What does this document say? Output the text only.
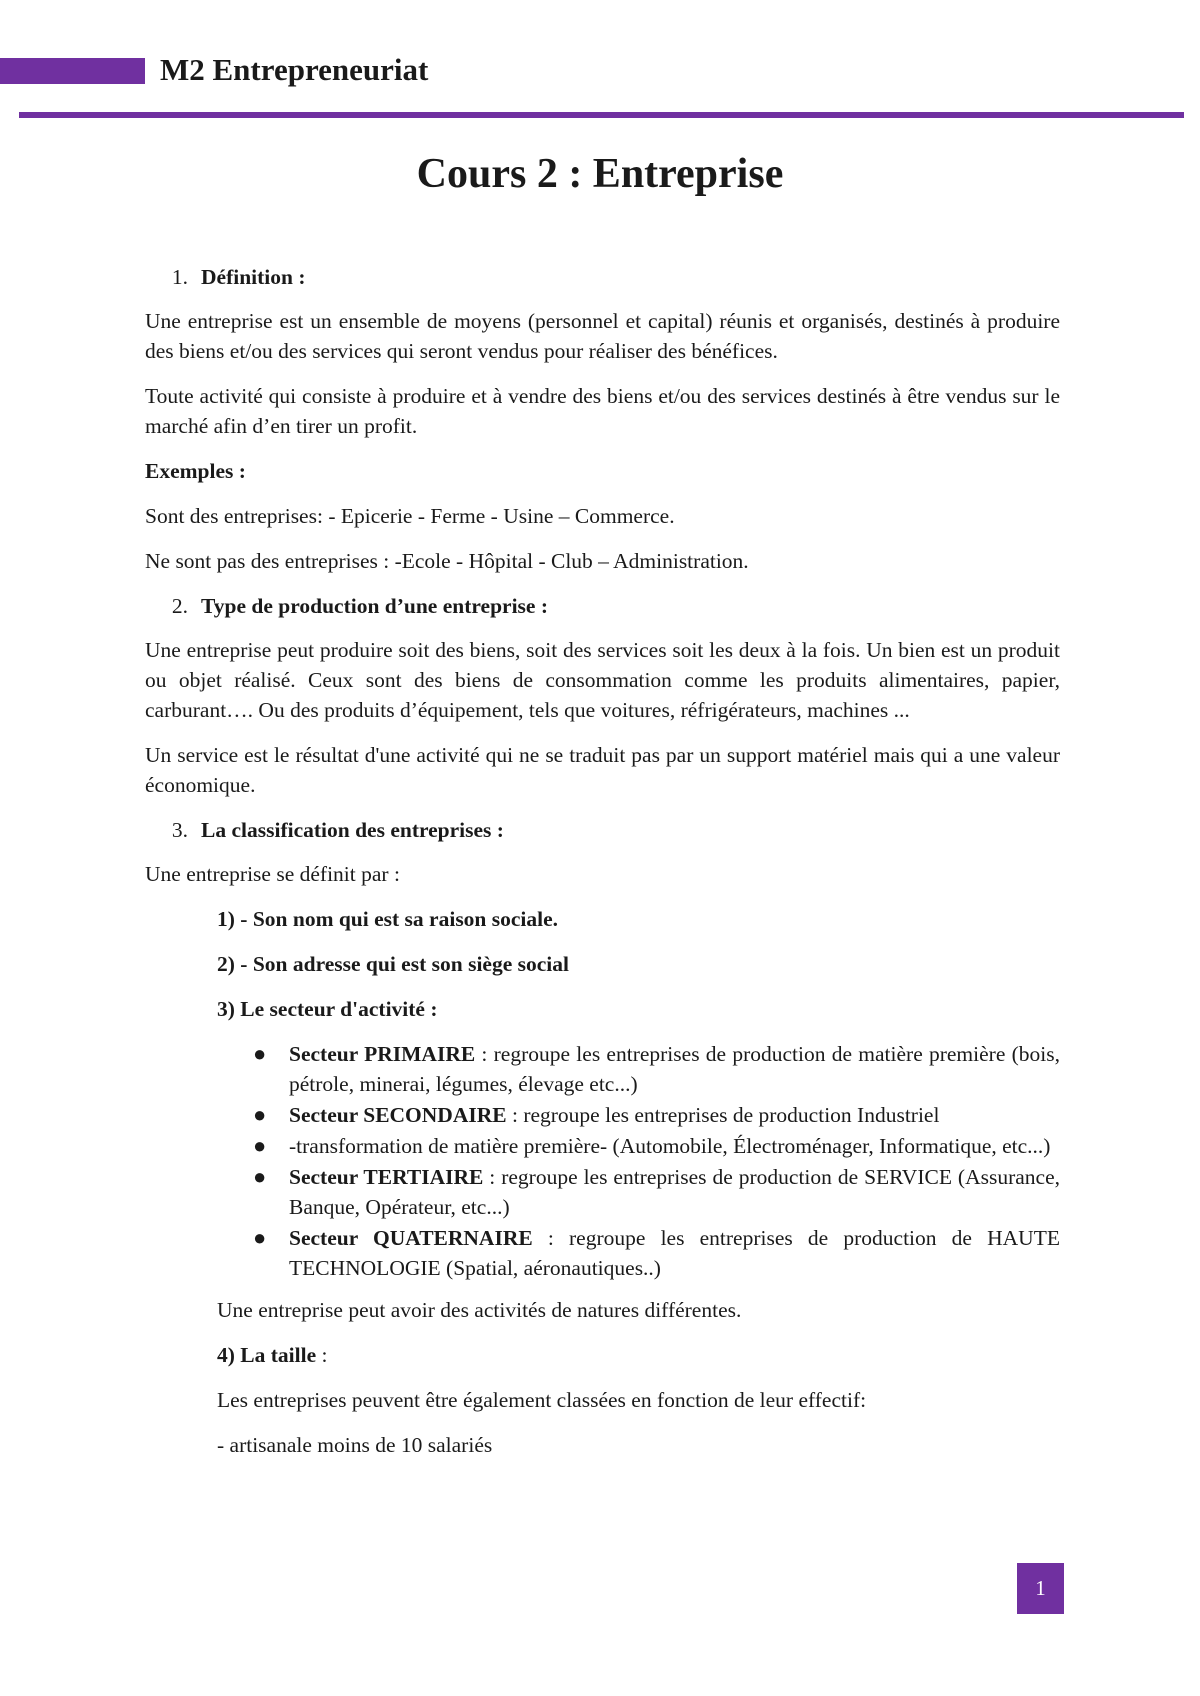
M2 Entrepreneuriat
Cours 2 : Entreprise
1. Définition :

Une entreprise est un ensemble de moyens (personnel et capital) réunis et organisés, destinés à produire des biens et/ou des services qui seront vendus pour réaliser des bénéfices.

Toute activité qui consiste à produire et à vendre des biens et/ou des services destinés à être vendus sur le marché afin d’en tirer un profit.

Exemples :

Sont des entreprises: - Epicerie - Ferme - Usine – Commerce.

Ne sont pas des entreprises : -Ecole - Hôpital - Club – Administration.

2. Type de production d’une entreprise :

Une entreprise peut produire soit des biens, soit des services soit les deux à la fois. Un bien est un produit ou objet réalisé. Ceux sont des biens de consommation comme les produits alimentaires, papier, carburant…. Ou des produits d’équipement, tels que voitures, réfrigérateurs, machines ...

Un service est le résultat d'une activité qui ne se traduit pas par un support matériel mais qui a une valeur économique.

3. La classification des entreprises :

Une entreprise se définit par :

1) - Son nom qui est sa raison sociale.

2) - Son adresse qui est son siège social

3) Le secteur d'activité :

● Secteur PRIMAIRE : regroupe les entreprises de production de matière première (bois, pétrole, minerai, légumes, élevage etc...)
● Secteur SECONDAIRE : regroupe les entreprises de production Industriel
● -transformation de matière première- (Automobile, Électroménager, Informatique, etc...)
● Secteur TERTIAIRE : regroupe les entreprises de production de SERVICE (Assurance, Banque, Opérateur, etc...)
● Secteur QUATERNAIRE : regroupe les entreprises de production de HAUTE TECHNOLOGIE (Spatial, aéronautiques..)

Une entreprise peut avoir des activités de natures différentes.

4) La taille :

Les entreprises peuvent être également classées en fonction de leur effectif:

- artisanale moins de 10 salariés

1
